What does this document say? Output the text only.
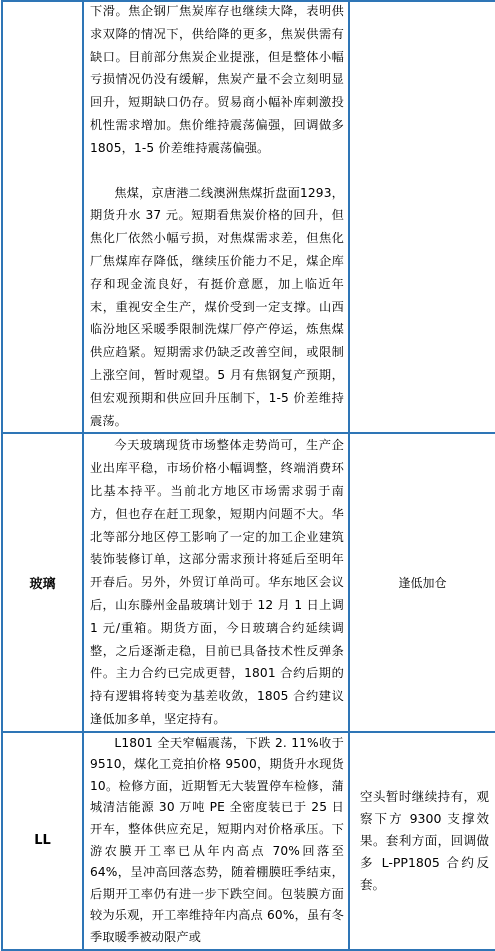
	下滑。焦企钢厂焦炭库存也继续大降，表明供求双降的情况下，供给降的更多，焦炭供需有缺口。目前部分焦炭企业提涨，但是整体小幅亏损情况仍没有缓解，焦炭产量不会立刻明显回升，短期缺口仍存。贸易商小幅补库刺激投机性需求增加。焦价维持震荡偏强，回调做多 1805，1-5 价差维持震荡偏强。

焦煤，京唐港二线澳洲焦煤折盘面1293，期货升水 37 元。短期看焦炭价格的回升，但焦化厂依然小幅亏损，对焦煤需求差，但焦化厂焦煤库存降低，继续压价能力不足，煤企库存和现金流良好，有挺价意愿，加上临近年末，重视安全生产，煤价受到一定支撑。山西临汾地区采暖季限制洗煤厂停产停运，炼焦煤供应趋紧。短期需求仍缺乏改善空间，或限制上涨空间，暂时观望。5 月有焦钢复产预期，但宏观预期和供应回升压制下，1-5 价差维持震荡。	

玻璃	今天玻璃现货市场整体走势尚可，生产企业出库平稳，市场价格小幅调整，终端消费环比基本持平。当前北方地区市场需求弱于南方，但也存在赶工现象，短期内问题不大。华北等部分地区停工影响了一定的加工企业建筑装饰装修订单，这部分需求预计将延后至明年开春后。另外，外贸订单尚可。华东地区会议后，山东滕州金晶玻璃计划于 12 月 1 日上调 1 元/重箱。期货方面，今日玻璃合约延续调整，之后逐渐走稳，目前已具备技术性反弹条件。主力合约已完成更替，1801 合约后期的持有逻辑将转变为基差收敛，1805 合约建议逢低加多单，坚定持有。	逢低加仓
LL	L1801 全天窄幅震荡，下跌 2. 11%收于 9510，煤化工竞拍价格 9500，期货升水现货 10。检修方面，近期暂无大装置停车检修，蒲城清洁能源 30 万吨 PE 全密度装已于 25 日开车，整体供应充足，短期内对价格承压。下游农膜开工率已从年内高点 70%回落至 64%，呈冲高回落态势，随着棚膜旺季结束，后期开工率仍有进一步下跌空间。包装膜方面较为乐观，开工率维持年内高点 60%，虽有冬季取暖季被动限产或	空头暂时继续持有，观察下方 9300 支撑效果。套利方面，回调做多 L-PP1805 合约反套。
